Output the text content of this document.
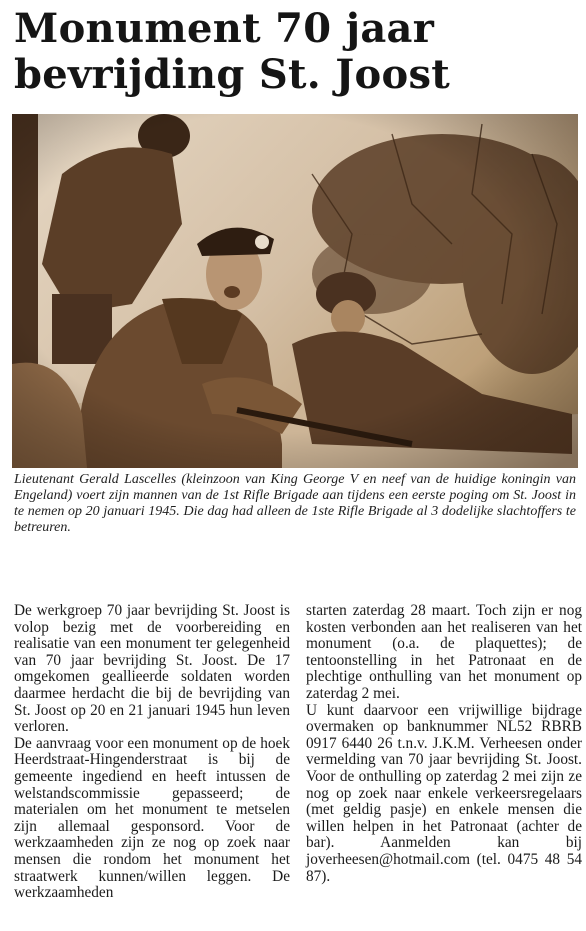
Monument 70 jaar
bevrijding St. Joost

Lieutenant Gerald Lascelles (kleinzoon van King George V en neef van de huidige koningin van Engeland) voert zijn mannen van de 1st Rifle Brigade aan tijdens een eerste poging om St. Joost in te nemen op 20 januari 1945. Die dag had alleen de 1ste Rifle Brigade al 3 dodelijke slachtoffers te betreuren.

De werkgroep 70 jaar bevrijding St. Joost is volop bezig met de voorbereiding en realisatie van een monument ter gelegenheid van 70 jaar bevrijding St. Joost. De 17 omgekomen geallieerde soldaten worden daarmee herdacht die bij de bevrijding van St. Joost op 20 en 21 januari 1945 hun leven verloren.

De aanvraag voor een monument op de hoek Heerdstraat-Hingenderstraat is bij de gemeente ingediend en heeft intussen de welstandscommissie gepasseerd; de materialen om het monument te metselen zijn allemaal gesponsord. Voor de werkzaamheden zijn ze nog op zoek naar mensen die rondom het monument het straatwerk kunnen/willen leggen. De werkzaamheden

starten zaterdag 28 maart. Toch zijn er nog kosten verbonden aan het realiseren van het monument (o.a. de plaquettes); de tentoonstelling in het Patronaat en de plechtige onthulling van het monument op zaterdag 2 mei.

U kunt daarvoor een vrijwillige bijdrage overmaken op banknummer NL52 RBRB 0917 6440 26 t.n.v. J.K.M. Verheesen onder vermelding van 70 jaar bevrijding St. Joost. Voor de onthulling op zaterdag 2 mei zijn ze nog op zoek naar enkele verkeersregelaars (met geldig pasje) en enkele mensen die willen helpen in het Patronaat (achter de bar). Aanmelden kan bij joverheesen@hotmail.com (tel. 0475 48 54 87).
